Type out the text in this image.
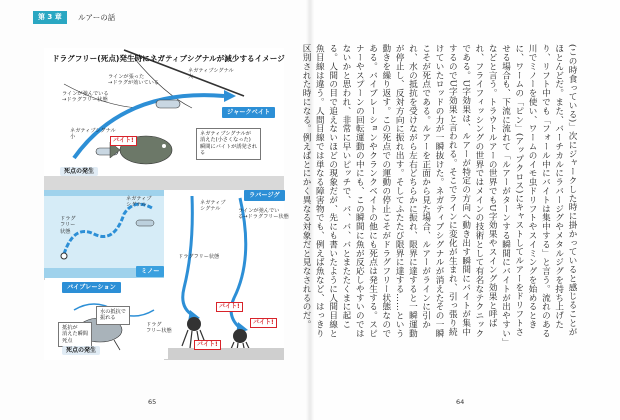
第 3 章	ルアーの話
ドラグフリー(死点)発生時にネガティブシグナルが減少するイメージ
ネガティブシグナル
大
ラインが張った
→ドラグが効いている
ラインが弛んでいる
→ドラグフリー状態
ジャークベイト
ネガティブシグナル
小	バイト!
ネガティブシグナルが
消えた(小さくなった)
瞬間にバイトが誘発され
る
死点の発生
ドラグ
フリー
状態
ネガティブ
シグナル
ミノー
ラバージグ
ネガティブ
シグナル	ラインが弛んでい
る→ドラグフリー状態
ドラグフリー状態
バイト!
バイト!
バイブレーション
水の抵抗で
振れる
抵抗が
消えた瞬間
死点
ドラグ
フリー状態
死点の発生
バイト!
(この時食っている)」次にジャークした時に掛かっていると感じることがほとんどだ。また、バーチカルにラバージグやメタルジグを持ち上げたり、リフト中でも「フォール中にバイトは集中する」と言う。流れのある川でミノーを使い、ワームのイモ虫ドリフトやスイミングを始めるときに、ワームの「ピン」(アップクロス)にキャストしてルアーをドリフトさせる場合も、下流に流れて「ルアーがターンする瞬間にバイトが出やすい」などと言う。トラウトルアーの世界でもU字効果やスイング効果と呼ばれ、フライフィッシングの世界ではメインの技術として有名なテクニックである。U字効果は、ルアーが特定の方向へ動き出す瞬間にバイトが集中するのでU字効果と言われる。そこでラインに変化が生まれ、引っ張り続けていたロッドの力が一瞬抜けた。ネガティブシグナルが消えたその一瞬こそが死点である。ルアーを正面から見た場合、ルアーがラインに引かれ、水の抵抗を受けながら左右どちらかに振れ、限界に達すると一瞬運動が停止し、反対方向に振れ出す。そしてふたたび限界に達する……という動きを繰り返す。この死点での運動の停止こそがドラグフリー状態なのである。バイブレーションやクランクベイトの他にも死点は発生する。スピナーやスプーンの回転運動の中にも、この瞬間に魚が反応しやすいのではないかと思われ、非常に早いピッチで、バ、バ、バとまたたくまに起こる。人間の目で追えないほどの現象だが、先にも書いたように人間目線と魚目線は違う。人間目線では単なる障害物でも、例えば魚など、はっきり区別された時になる。例えばとにかく異なる対象だと見なされるのだ。
65	64
